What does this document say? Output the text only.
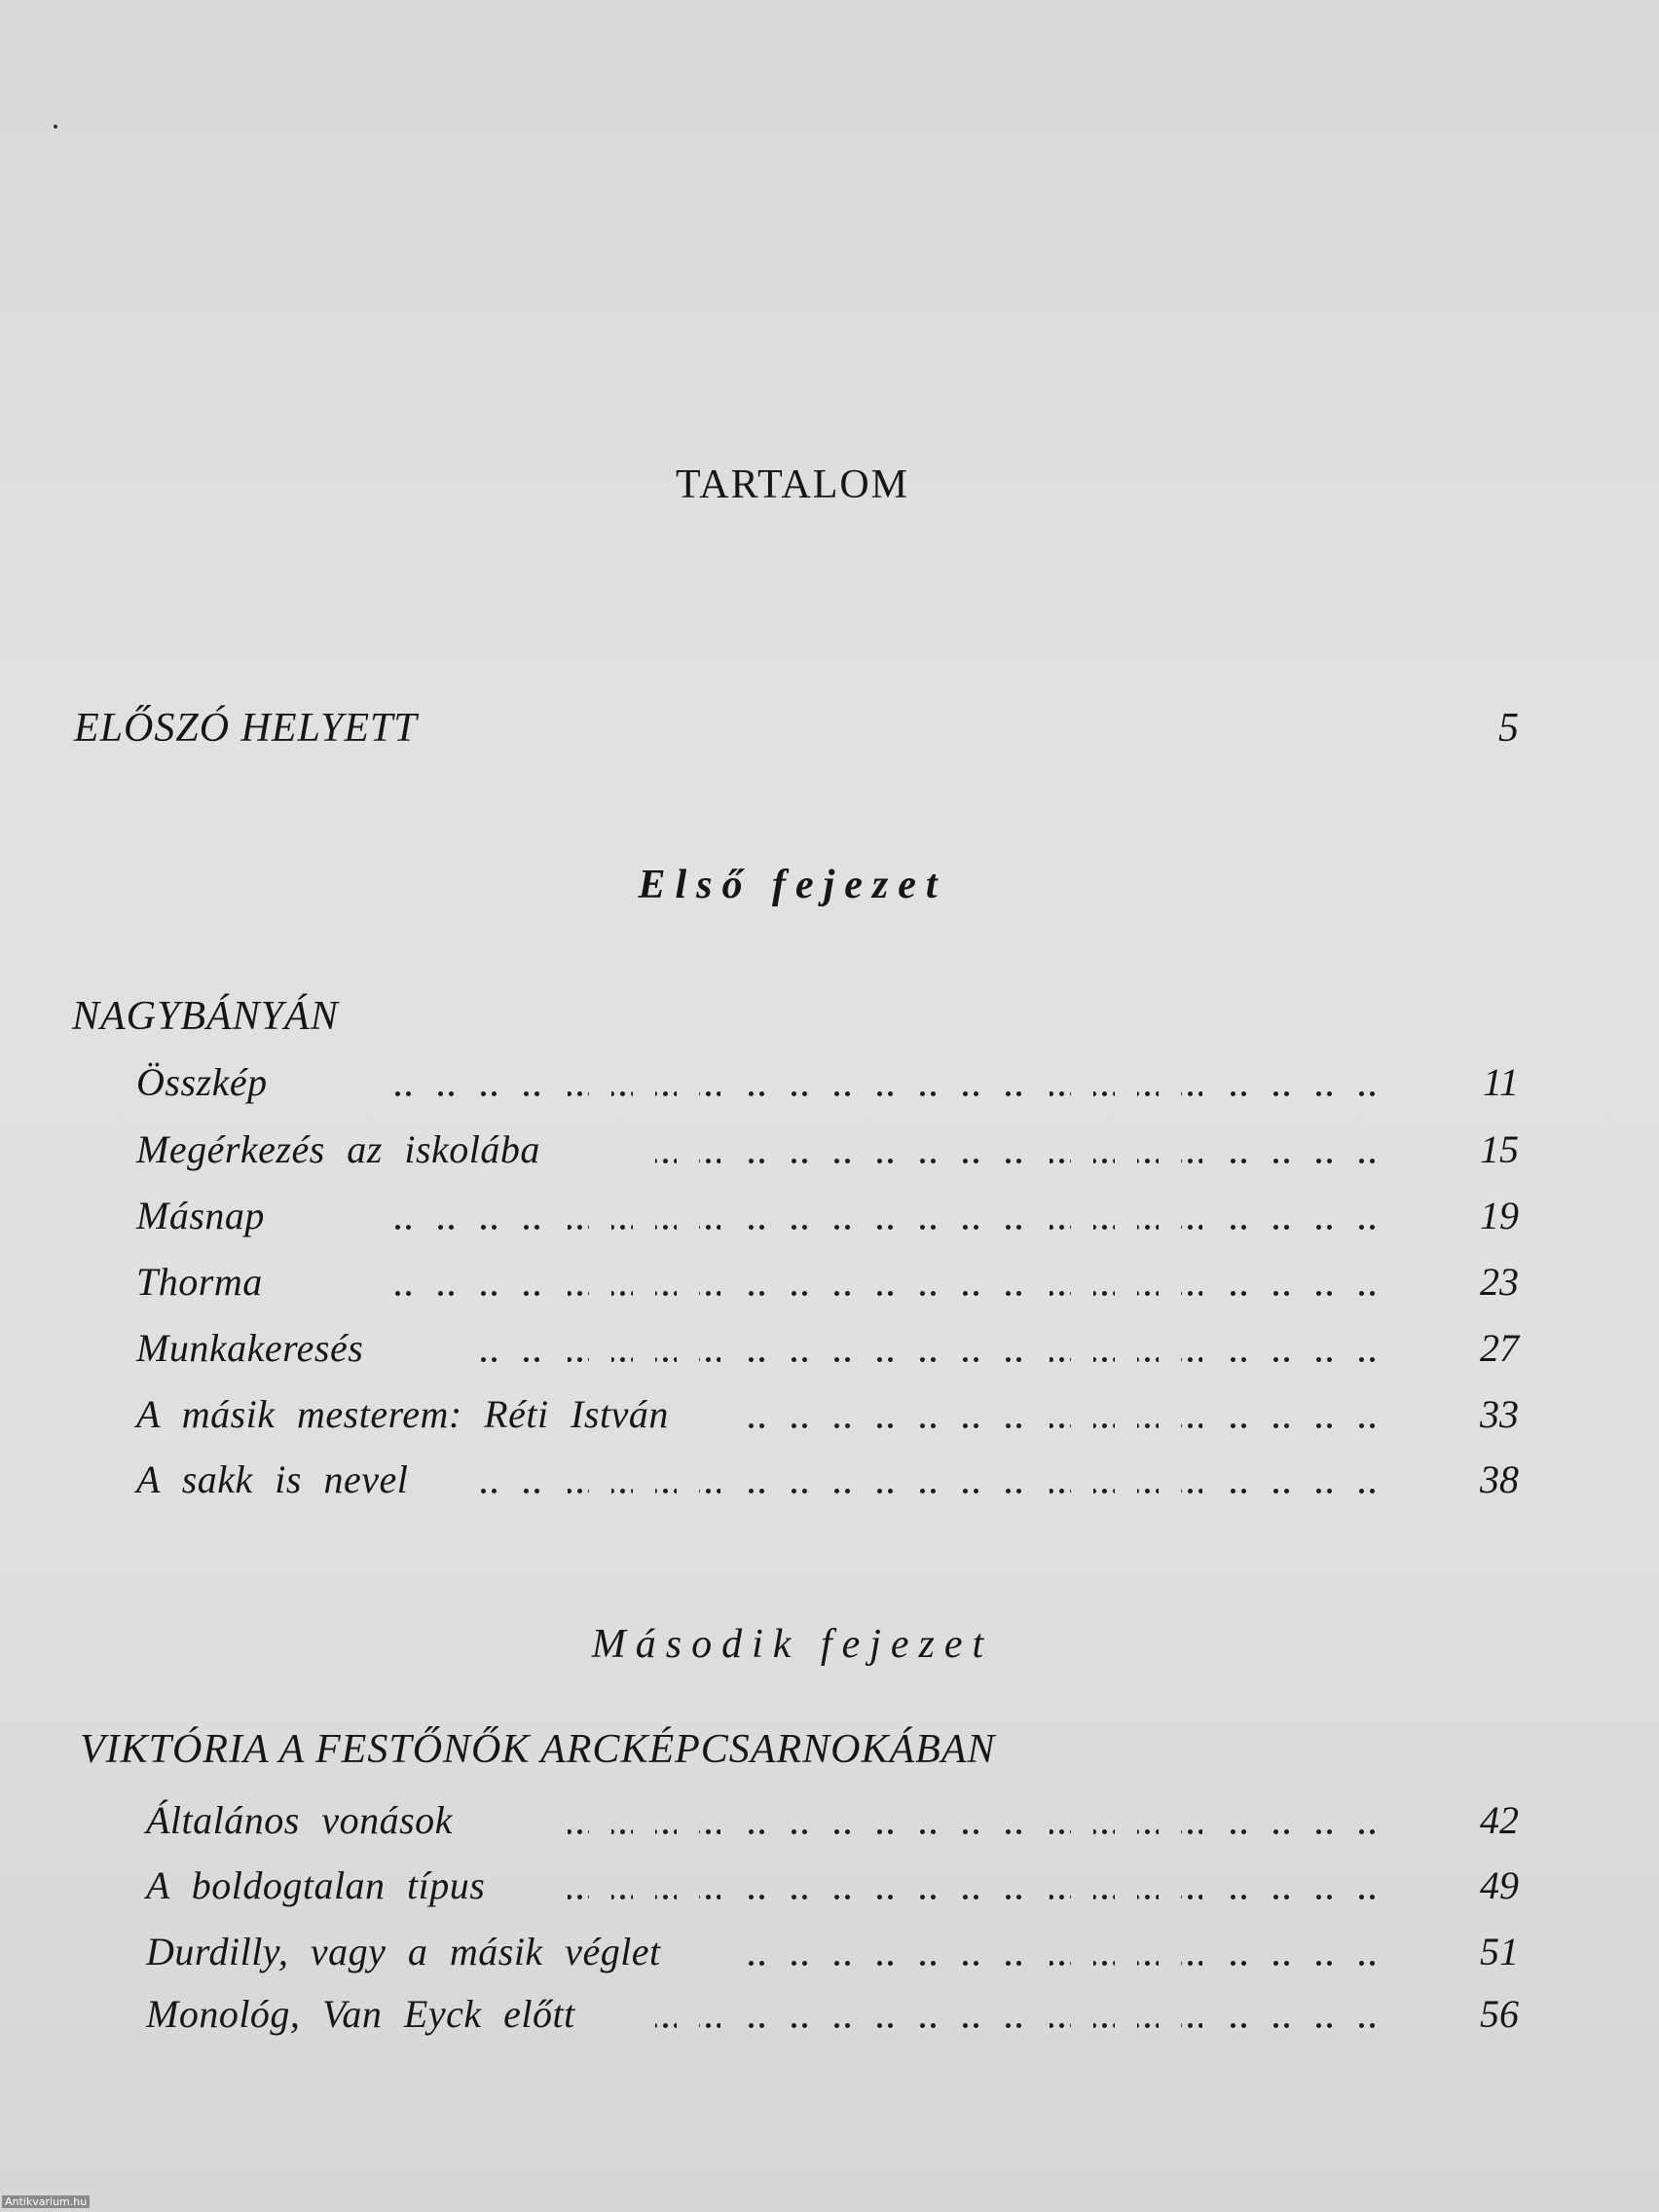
TARTALOM
ELŐSZÓ HELYETT	5
Első fejezet
NAGYBÁNYÁN
Összkép	11
Megérkezés az iskolába	15
Másnap	19
Thorma	23
Munkakeresés	27
A másik mesterem: Réti István	33
A sakk is nevel	38
Második fejezet
VIKTÓRIA A FESTŐNŐK ARCKÉPCSARNOKÁBAN
Általános vonások	42
A boldogtalan típus	49
Durdilly, vagy a másik véglet	51
Monológ, Van Eyck előtt	56
Antikvarium.hu
